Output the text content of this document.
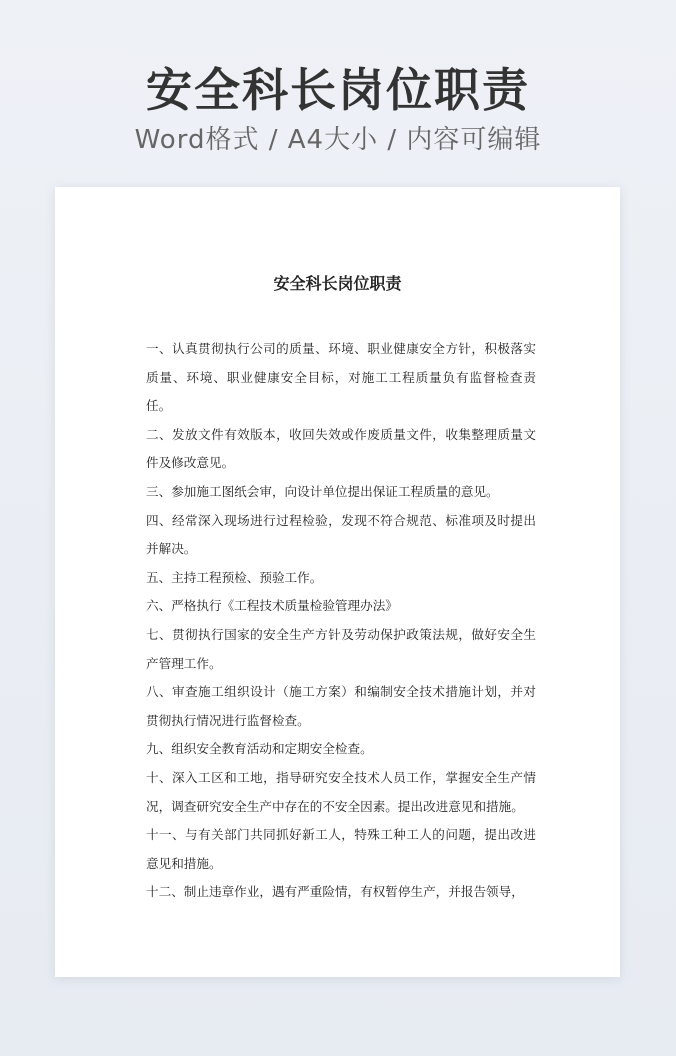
安全科长岗位职责
Word格式 / A4大小 / 内容可编辑
安全科长岗位职责

一、认真贯彻执行公司的质量、环境、职业健康安全方针，积极落实质量、环境、职业健康安全目标，对施工工程质量负有监督检查责任。

二、发放文件有效版本，收回失效或作废质量文件，收集整理质量文件及修改意见。

三、参加施工图纸会审，向设计单位提出保证工程质量的意见。

四、经常深入现场进行过程检验，发现不符合规范、标准项及时提出并解决。

五、主持工程预检、预验工作。

六、严格执行《工程技术质量检验管理办法》

七、贯彻执行国家的安全生产方针及劳动保护政策法规，做好安全生产管理工作。

八、审查施工组织设计（施工方案）和编制安全技术措施计划，并对贯彻执行情况进行监督检查。

九、组织安全教育活动和定期安全检查。

十、深入工区和工地，指导研究安全技术人员工作，掌握安全生产情况，调查研究安全生产中存在的不安全因素。提出改进意见和措施。

十一、与有关部门共同抓好新工人，特殊工种工人的问题，提出改进意见和措施。

十二、制止违章作业，遇有严重险情，有权暂停生产，并报告领导，
